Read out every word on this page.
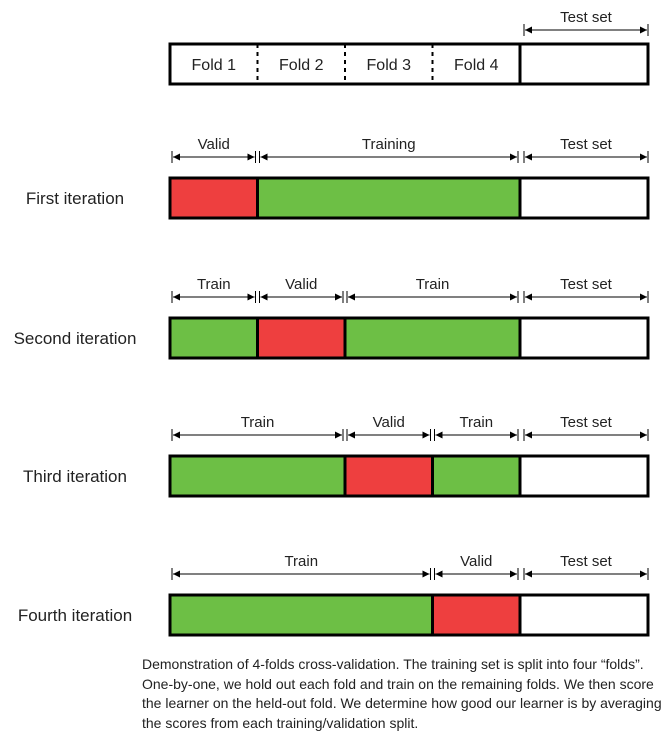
Test set
Fold 1	Fold 2	Fold 3	Fold 4
First iteration
Valid	Training	Test set
Second iteration
Train	Valid	Train	Test set
Third iteration
Train	Valid	Train	Test set
Fourth iteration
Train	Valid	Test set
Demonstration of 4-folds cross-validation. The training set is split into four “folds”. One-by-one, we hold out each fold and train on the remaining folds. We then score the learner on the held-out fold. We determine how good our learner is by averaging the scores from each training/validation split.
